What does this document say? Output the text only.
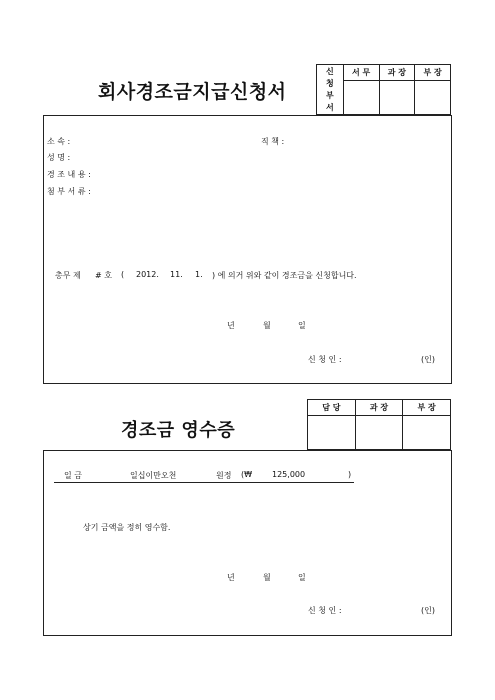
회사경조금지급신청서
신
청
부
서	서 무	과 장	부 장

소 속 :	직 책 :
성 명 :
경 조 내 용 :
첨 부 서 류 :
총무 제 # 호 ( 2012. 11. 1. ) 에 의거 위와 같이 경조금을 신청합니다.
년	월	일
신 청 인 :	(인)
경조금 영수증
담 당	과 장	부 장

일 금	일십이만오천	원정 (₩ 125,000	)
상기 금액을 정히 영수함.
년	월	일
신 청 인 :	(인)
